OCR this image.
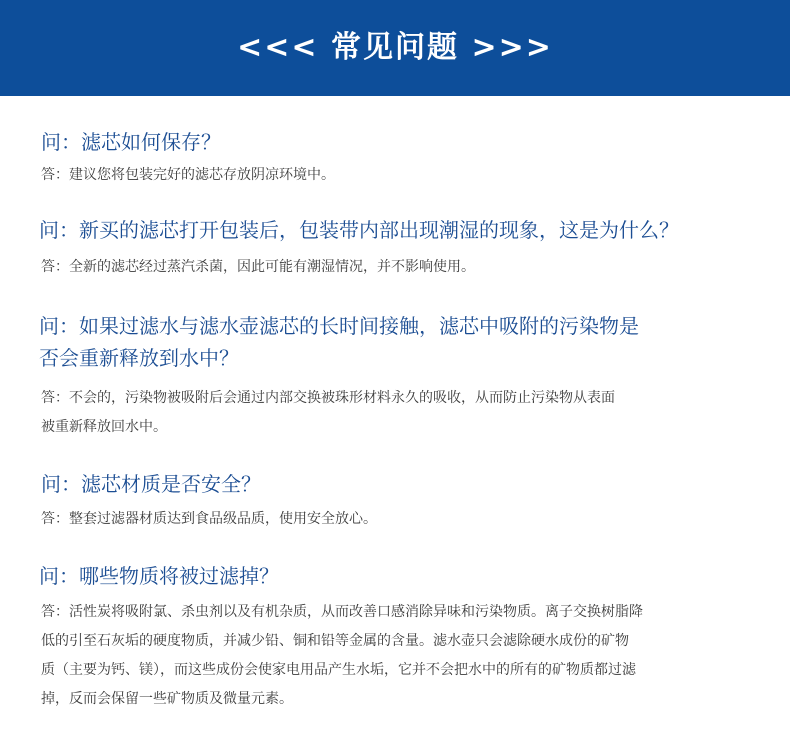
<<< 常见问题 >>>
问：滤芯如何保存？
答：建议您将包装完好的滤芯存放阴凉环境中。
问：新买的滤芯打开包装后，包装带内部出现潮湿的现象，这是为什么？
答：全新的滤芯经过蒸汽杀菌，因此可能有潮湿情况，并不影响使用。
问：如果过滤水与滤水壶滤芯的长时间接触，滤芯中吸附的污染物是
否会重新释放到水中？
答：不会的，污染物被吸附后会通过内部交换被珠形材料永久的吸收，从而防止污染物从表面
被重新释放回水中。
问：滤芯材质是否安全？
答：整套过滤器材质达到食品级品质，使用安全放心。
问：哪些物质将被过滤掉？
答：活性炭将吸附氯、杀虫剂以及有机杂质，从而改善口感消除异味和污染物质。离子交换树脂降
低的引至石灰垢的硬度物质，并减少铅、铜和铅等金属的含量。滤水壶只会滤除硬水成份的矿物
质（主要为钙、镁），而这些成份会使家电用品产生水垢，它并不会把水中的所有的矿物质都过滤
掉，反而会保留一些矿物质及微量元素。
